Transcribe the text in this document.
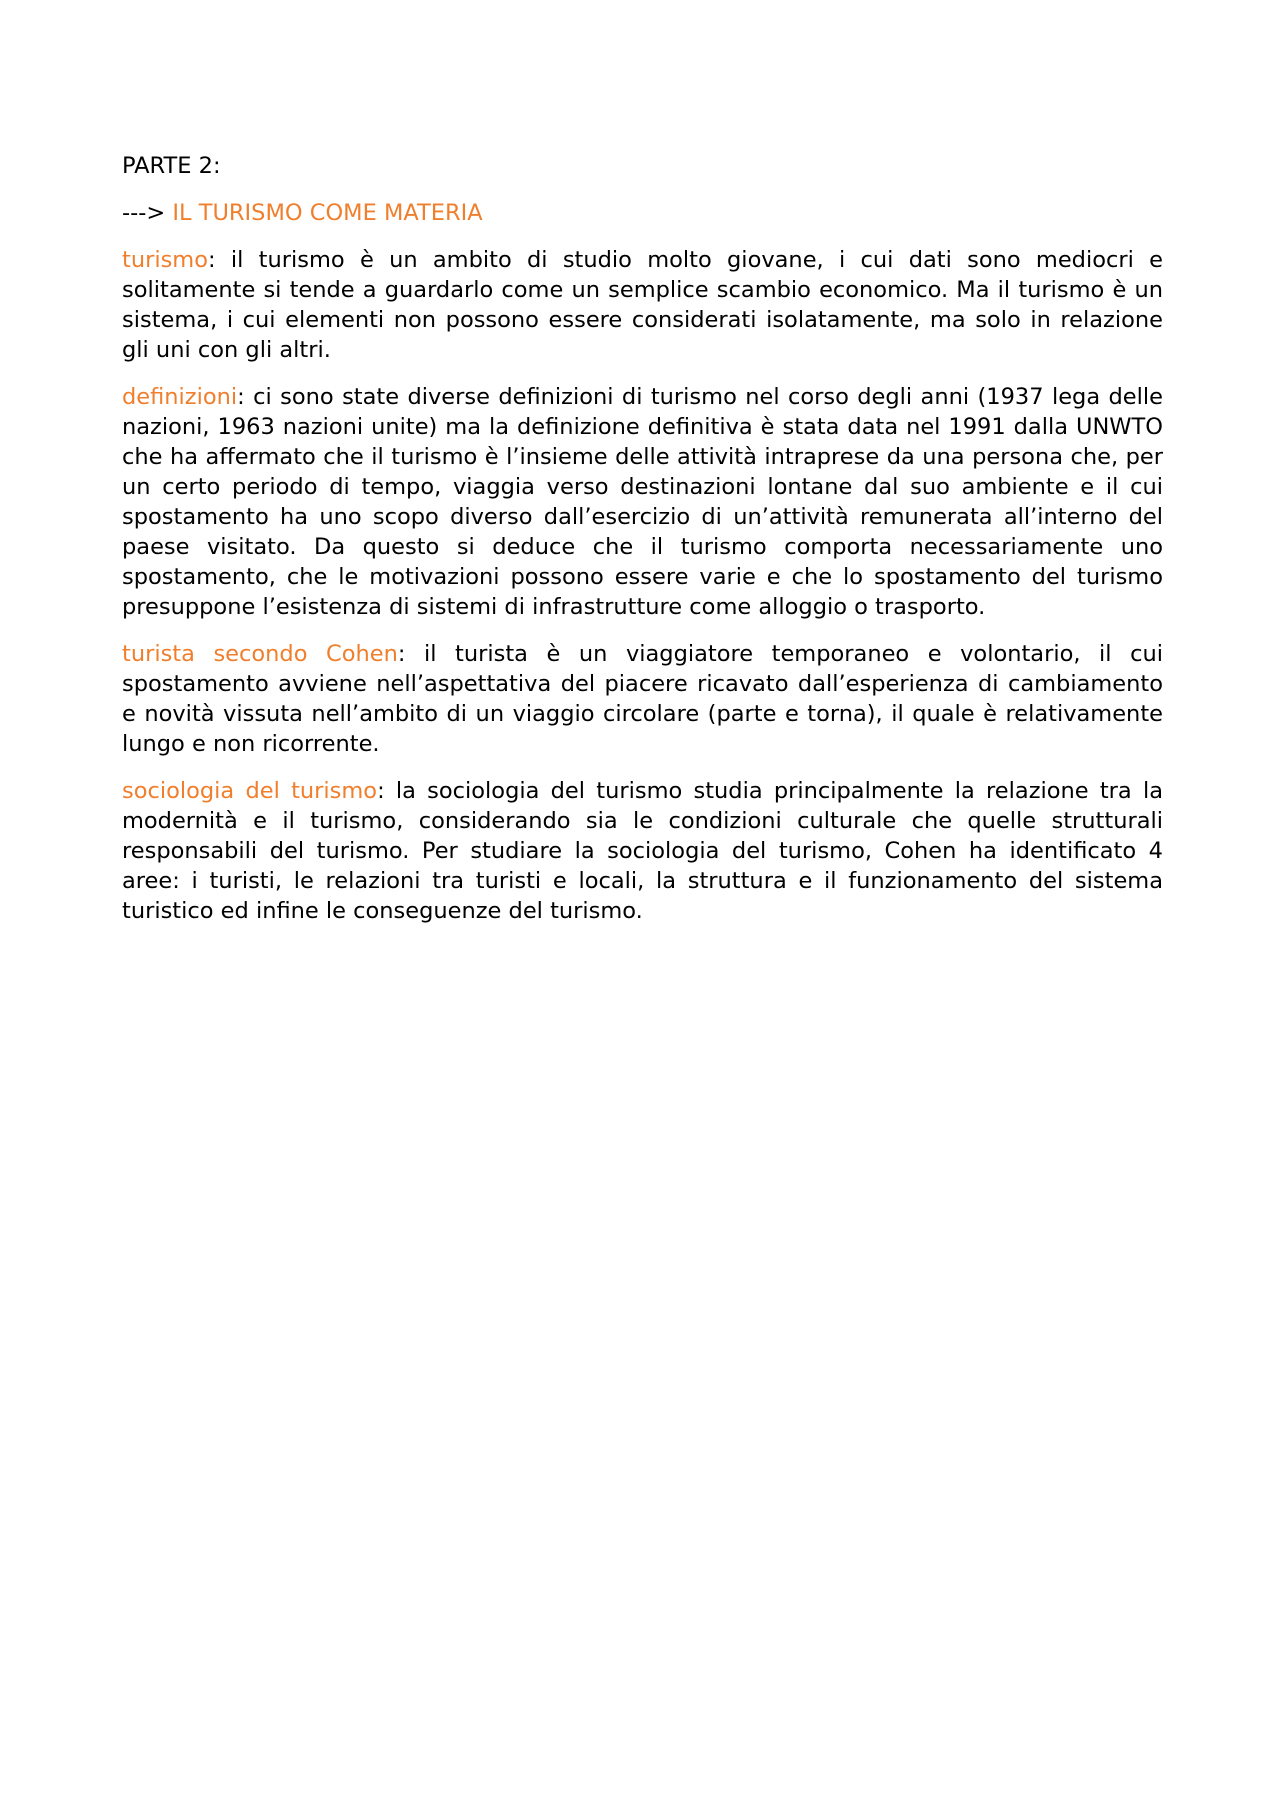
PARTE 2:

---> IL TURISMO COME MATERIA

turismo: il turismo è un ambito di studio molto giovane, i cui dati sono mediocri e solitamente si tende a guardarlo come un semplice scambio economico. Ma il turismo è un sistema, i cui elementi non possono essere considerati isolatamente, ma solo in relazione gli uni con gli altri.

definizioni: ci sono state diverse definizioni di turismo nel corso degli anni (1937 lega delle nazioni, 1963 nazioni unite) ma la definizione definitiva è stata data nel 1991 dalla UNWTO che ha affermato che il turismo è l’insieme delle attività intraprese da una persona che, per un certo periodo di tempo, viaggia verso destinazioni lontane dal suo ambiente e il cui spostamento ha uno scopo diverso dall’esercizio di un’attività remunerata all’interno del paese visitato. Da questo si deduce che il turismo comporta necessariamente uno spostamento, che le motivazioni possono essere varie e che lo spostamento del turismo presuppone l’esistenza di sistemi di infrastrutture come alloggio o trasporto.

turista secondo Cohen: il turista è un viaggiatore temporaneo e volontario, il cui spostamento avviene nell’aspettativa del piacere ricavato dall’esperienza di cambiamento e novità vissuta nell’ambito di un viaggio circolare (parte e torna), il quale è relativamente lungo e non ricorrente.

sociologia del turismo: la sociologia del turismo studia principalmente la relazione tra la modernità e il turismo, considerando sia le condizioni culturale che quelle strutturali responsabili del turismo. Per studiare la sociologia del turismo, Cohen ha identificato 4 aree: i turisti, le relazioni tra turisti e locali, la struttura e il funzionamento del sistema turistico ed infine le conseguenze del turismo.
